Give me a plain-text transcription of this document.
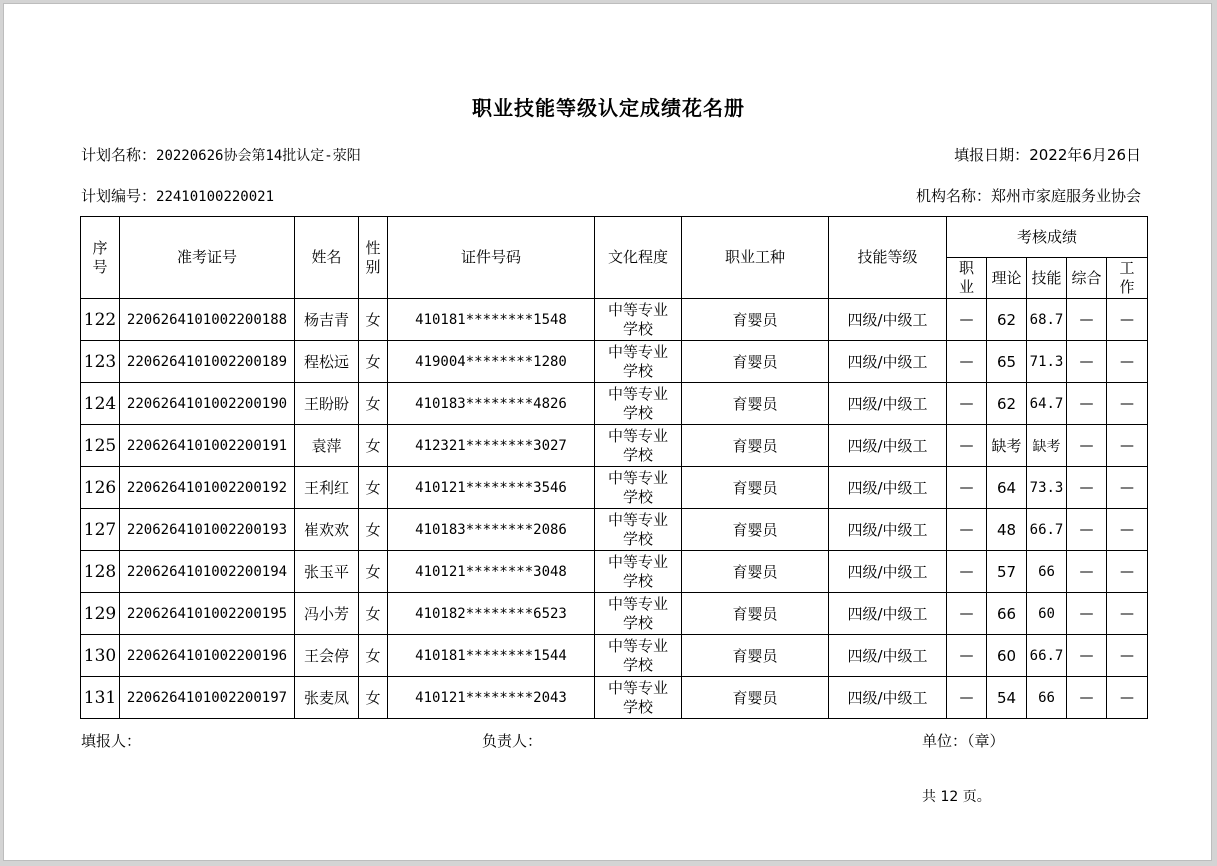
职业技能等级认定成绩花名册
计划名称：20220626协会第14批认定-荥阳	填报日期：2022年6月26日
计划编号：22410100220021	机构名称：郑州市家庭服务业协会
序号	准考证号	姓名	性别	证件号码	文化程度	职业工种	技能等级	考核成绩				

								职业	理论	技能	综合	工作

122	2206264101002200188	杨吉青	女	410181********1548	中等专业学校	育婴员	四级/中级工	—	62	68.7	—	—
123	2206264101002200189	程松远	女	419004********1280	中等专业学校	育婴员	四级/中级工	—	65	71.3	—	—
124	2206264101002200190	王盼盼	女	410183********4826	中等专业学校	育婴员	四级/中级工	—	62	64.7	—	—
125	2206264101002200191	袁萍	女	412321********3027	中等专业学校	育婴员	四级/中级工	—	缺考	缺考	—	—
126	2206264101002200192	王利红	女	410121********3546	中等专业学校	育婴员	四级/中级工	—	64	73.3	—	—
127	2206264101002200193	崔欢欢	女	410183********2086	中等专业学校	育婴员	四级/中级工	—	48	66.7	—	—
128	2206264101002200194	张玉平	女	410121********3048	中等专业学校	育婴员	四级/中级工	—	57	66	—	—
129	2206264101002200195	冯小芳	女	410182********6523	中等专业学校	育婴员	四级/中级工	—	66	60	—	—
130	2206264101002200196	王会停	女	410181********1544	中等专业学校	育婴员	四级/中级工	—	60	66.7	—	—
131	2206264101002200197	张麦凤	女	410121********2043	中等专业学校	育婴员	四级/中级工	—	54	66	—	—
填报人：	负责人：	单位：（章）
共 12 页。
